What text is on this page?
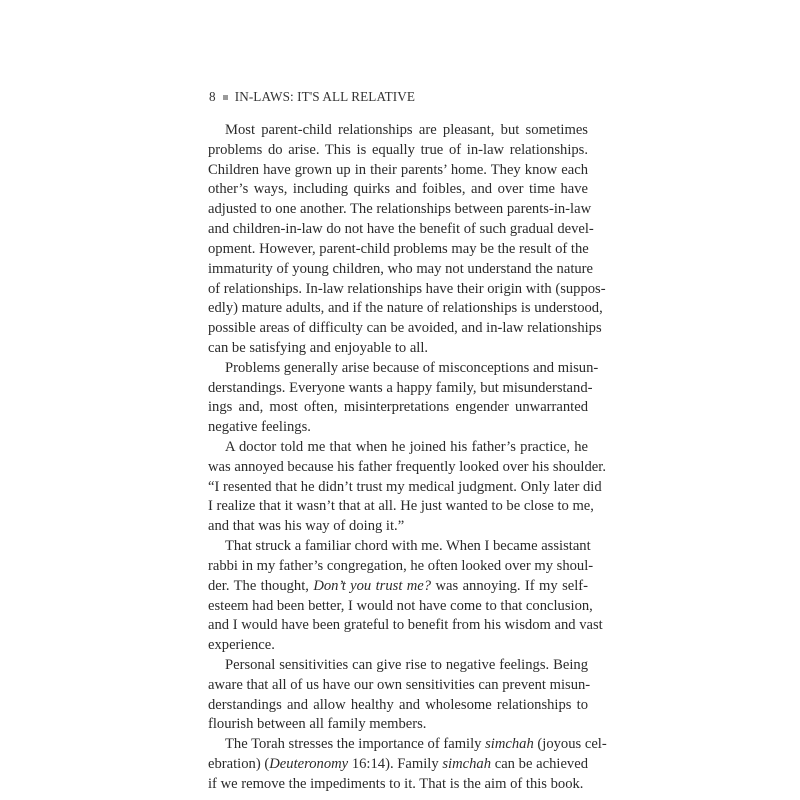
8 IN-LAWS: IT'S ALL RELATIVE
Most parent-child relationships are pleasant, but sometimes
problems do arise. This is equally true of in-law relationships.
Children have grown up in their parents’ home. They know each
other’s ways, including quirks and foibles, and over time have
adjusted to one another. The relationships between parents-in-law
and children-in-law do not have the benefit of such gradual devel-
opment. However, parent-child problems may be the result of the
immaturity of young children, who may not understand the nature
of relationships. In-law relationships have their origin with (suppos-
edly) mature adults, and if the nature of relationships is understood,
possible areas of difficulty can be avoided, and in-law relationships
can be satisfying and enjoyable to all.
Problems generally arise because of misconceptions and misun-
derstandings. Everyone wants a happy family, but misunderstand-
ings and, most often, misinterpretations engender unwarranted
negative feelings.
A doctor told me that when he joined his father’s practice, he
was annoyed because his father frequently looked over his shoulder.
“I resented that he didn’t trust my medical judgment. Only later did
I realize that it wasn’t that at all. He just wanted to be close to me,
and that was his way of doing it.”
That struck a familiar chord with me. When I became assistant
rabbi in my father’s congregation, he often looked over my shoul-
der. The thought, Don’t you trust me? was annoying. If my self-
esteem had been better, I would not have come to that conclusion,
and I would have been grateful to benefit from his wisdom and vast
experience.
Personal sensitivities can give rise to negative feelings. Being
aware that all of us have our own sensitivities can prevent misun-
derstandings and allow healthy and wholesome relationships to
flourish between all family members.
The Torah stresses the importance of family simchah (joyous cel-
ebration) (Deuteronomy 16:14). Family simchah can be achieved
if we remove the impediments to it. That is the aim of this book.
